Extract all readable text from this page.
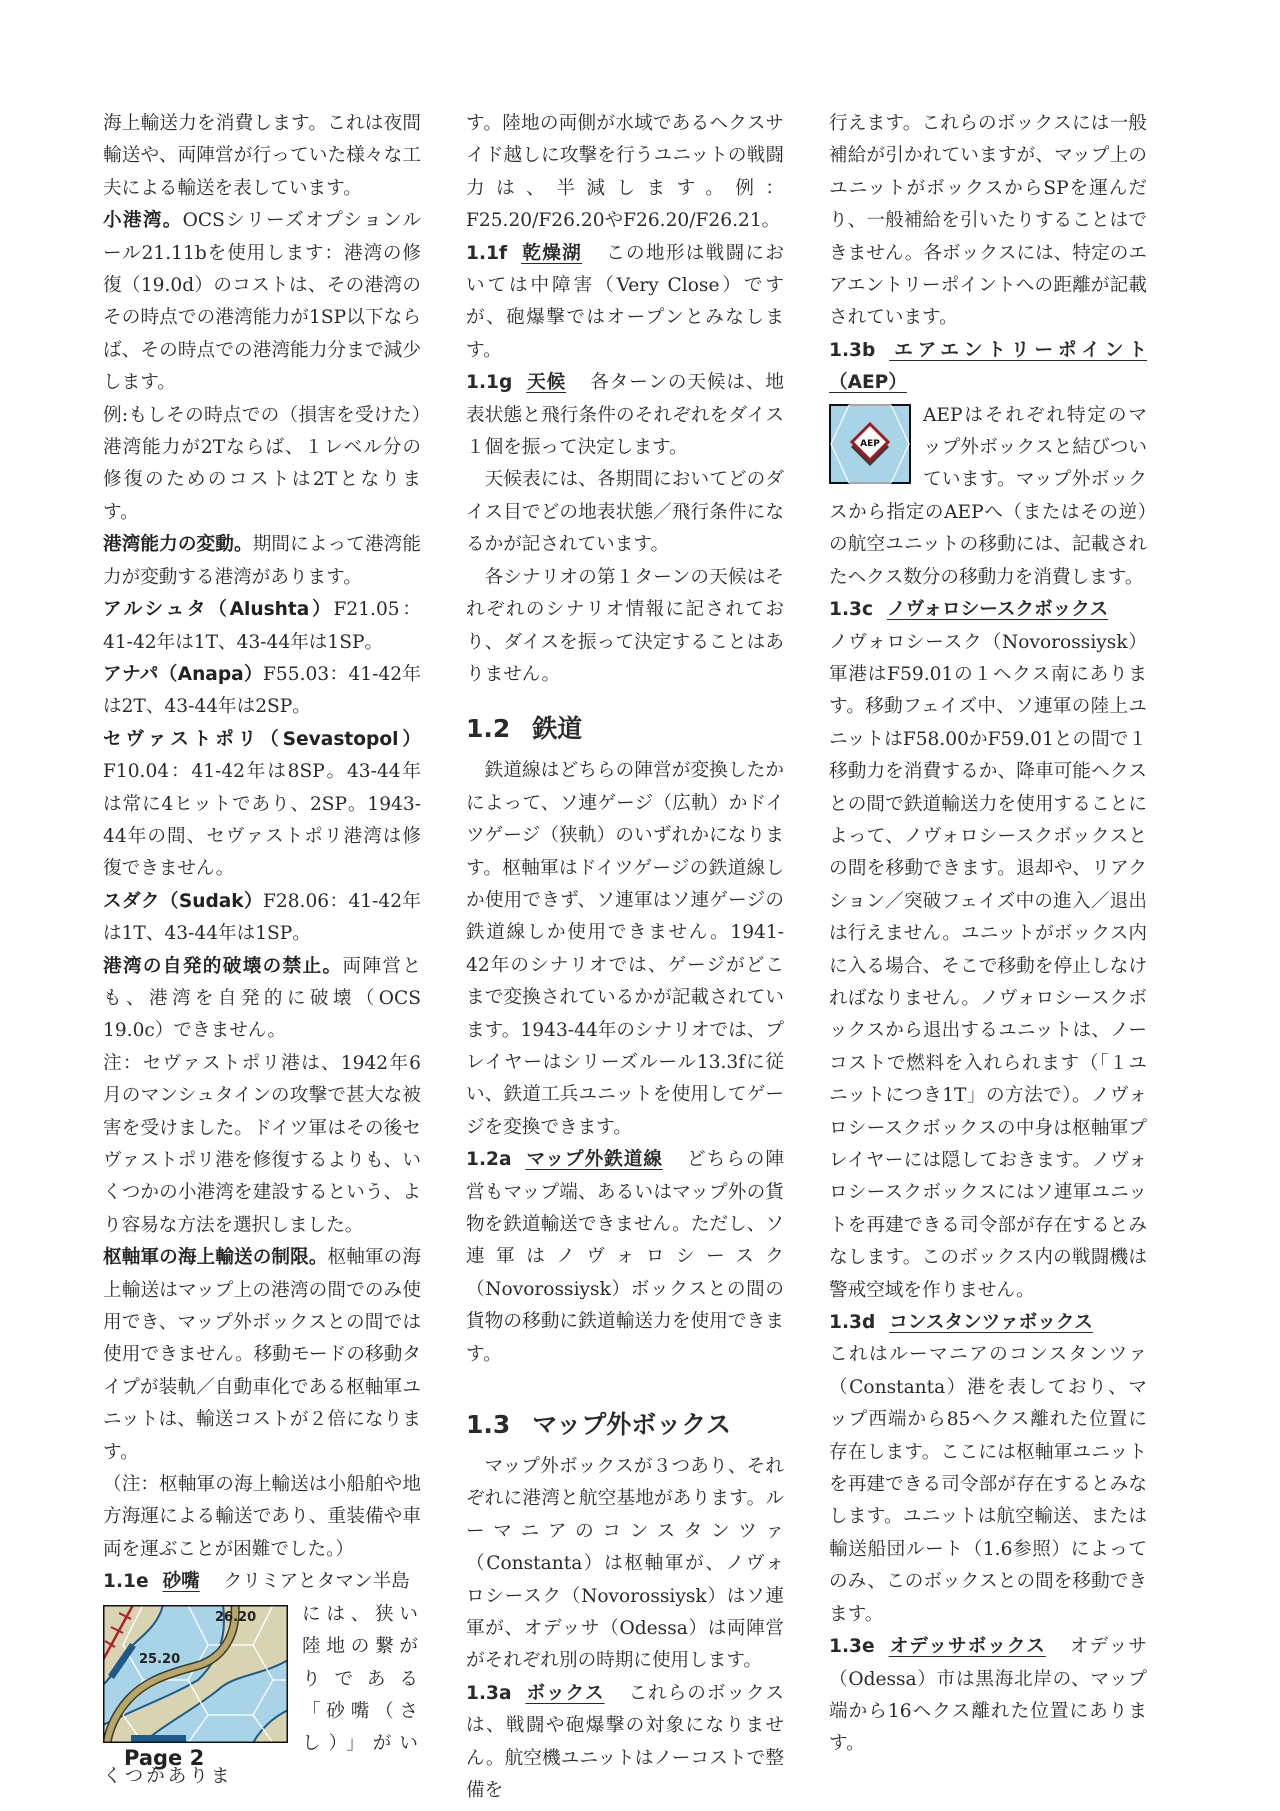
海上輸送力を消費します。これは夜間輸送や、両陣営が行っていた様々な工夫による輸送を表しています。

小港湾。OCSシリーズオプションルール21.11bを使用します：港湾の修復（19.0d）のコストは、その港湾のその時点での港湾能力が1SP以下ならば、その時点での港湾能力分まで減少します。

例:もしその時点での（損害を受けた）港湾能力が2Tならば、１レベル分の修復のためのコストは2Tとなります。

港湾能力の変動。期間によって港湾能力が変動する港湾があります。

アルシュタ（Alushta）F21.05：41-42年は1T、43-44年は1SP。

アナパ（Anapa）F55.03：41-42年は2T、43-44年は2SP。

セヴァストポリ（Sevastopol）F10.04：41-42年は8SP。43-44年は常に4ヒットであり、2SP。1943-44年の間、セヴァストポリ港湾は修復できません。

スダク（Sudak）F28.06：41-42年は1T、43-44年は1SP。

港湾の自発的破壊の禁止。両陣営とも、港湾を自発的に破壊（OCS 19.0c）できません。

注：セヴァストポリ港は、1942年6月のマンシュタインの攻撃で甚大な被害を受けました。ドイツ軍はその後セヴァストポリ港を修復するよりも、いくつかの小港湾を建設するという、より容易な方法を選択しました。

枢軸軍の海上輸送の制限。枢軸軍の海上輸送はマップ上の港湾の間でのみ使用でき、マップ外ボックスとの間では使用できません。移動モードの移動タイプが装軌／自動車化である枢軸軍ユニットは、輸送コストが２倍になります。

（注：枢軸軍の海上輸送は小船舶や地方海運による輸送であり、重装備や車両を運ぶことが困難でした。）

1.1e 砂嘴 クリミアとタマン半島

26.20
25.20
には、狭い陸地の繋がりである「砂嘴（さし）」がいくつかありま

す。陸地の両側が水域であるヘクスサイド越しに攻撃を行うユニットの戦闘力は、半減します。例：F25.20/F26.20やF26.20/F26.21。

1.1f 乾燥湖 この地形は戦闘においては中障害（Very Close）ですが、砲爆撃ではオープンとみなします。

1.1g 天候 各ターンの天候は、地表状態と飛行条件のそれぞれをダイス１個を振って決定します。

天候表には、各期間においてどのダイス目でどの地表状態／飛行条件になるかが記されています。

各シナリオの第１ターンの天候はそれぞれのシナリオ情報に記されており、ダイスを振って決定することはありません。

1.2 鉄道

鉄道線はどちらの陣営が変換したかによって、ソ連ゲージ（広軌）かドイツゲージ（狭軌）のいずれかになります。枢軸軍はドイツゲージの鉄道線しか使用できず、ソ連軍はソ連ゲージの鉄道線しか使用できません。1941-42年のシナリオでは、ゲージがどこまで変換されているかが記載されています。1943-44年のシナリオでは、プレイヤーはシリーズルール13.3fに従い、鉄道工兵ユニットを使用してゲージを変換できます。

1.2a マップ外鉄道線 どちらの陣営もマップ端、あるいはマップ外の貨物を鉄道輸送できません。ただし、ソ連軍はノヴォロシースク（Novorossiysk）ボックスとの間の貨物の移動に鉄道輸送力を使用できます。

1.3 マップ外ボックス

マップ外ボックスが３つあり、それぞれに港湾と航空基地があります。ルーマニアのコンスタンツァ（Constanta）は枢軸軍が、ノヴォロシースク（Novorossiysk）はソ連軍が、オデッサ（Odessa）は両陣営がそれぞれ別の時期に使用します。

1.3a ボックス これらのボックスは、戦闘や砲爆撃の対象になりません。航空機ユニットはノーコストで整備を

行えます。これらのボックスには一般補給が引かれていますが、マップ上のユニットがボックスからSPを運んだり、一般補給を引いたりすることはできません。各ボックスには、特定のエアエントリーポイントへの距離が記載されています。

1.3b エアエントリーポイント（AEP）

AEP
AEPはそれぞれ特定のマップ外ボックスと結びついています。マップ外ボックスから指定のAEPへ（またはその逆）の航空ユニットの移動には、記載されたヘクス数分の移動力を消費します。

1.3c ノヴォロシースクボックス
ノヴォロシースク（Novorossiysk）軍港はF59.01の１ヘクス南にあります。移動フェイズ中、ソ連軍の陸上ユニットはF58.00かF59.01との間で１移動力を消費するか、降車可能ヘクスとの間で鉄道輸送力を使用することによって、ノヴォロシースクボックスとの間を移動できます。退却や、リアクション／突破フェイズ中の進入／退出は行えません。ユニットがボックス内に入る場合、そこで移動を停止しなければなりません。ノヴォロシースクボックスから退出するユニットは、ノーコストで燃料を入れられます（「１ユニットにつき1T」の方法で）。ノヴォロシースクボックスの中身は枢軸軍プレイヤーには隠しておきます。ノヴォロシースクボックスにはソ連軍ユニットを再建できる司令部が存在するとみなします。このボックス内の戦闘機は警戒空域を作りません。

1.3d コンスタンツァボックス
これはルーマニアのコンスタンツァ（Constanta）港を表しており、マップ西端から85ヘクス離れた位置に存在します。ここには枢軸軍ユニットを再建できる司令部が存在するとみなします。ユニットは航空輸送、または輸送船団ルート（1.6参照）によってのみ、このボックスとの間を移動できます。

1.3e オデッサボックス オデッサ（Odessa）市は黒海北岸の、マップ端から16ヘクス離れた位置にあります。

Page 2
